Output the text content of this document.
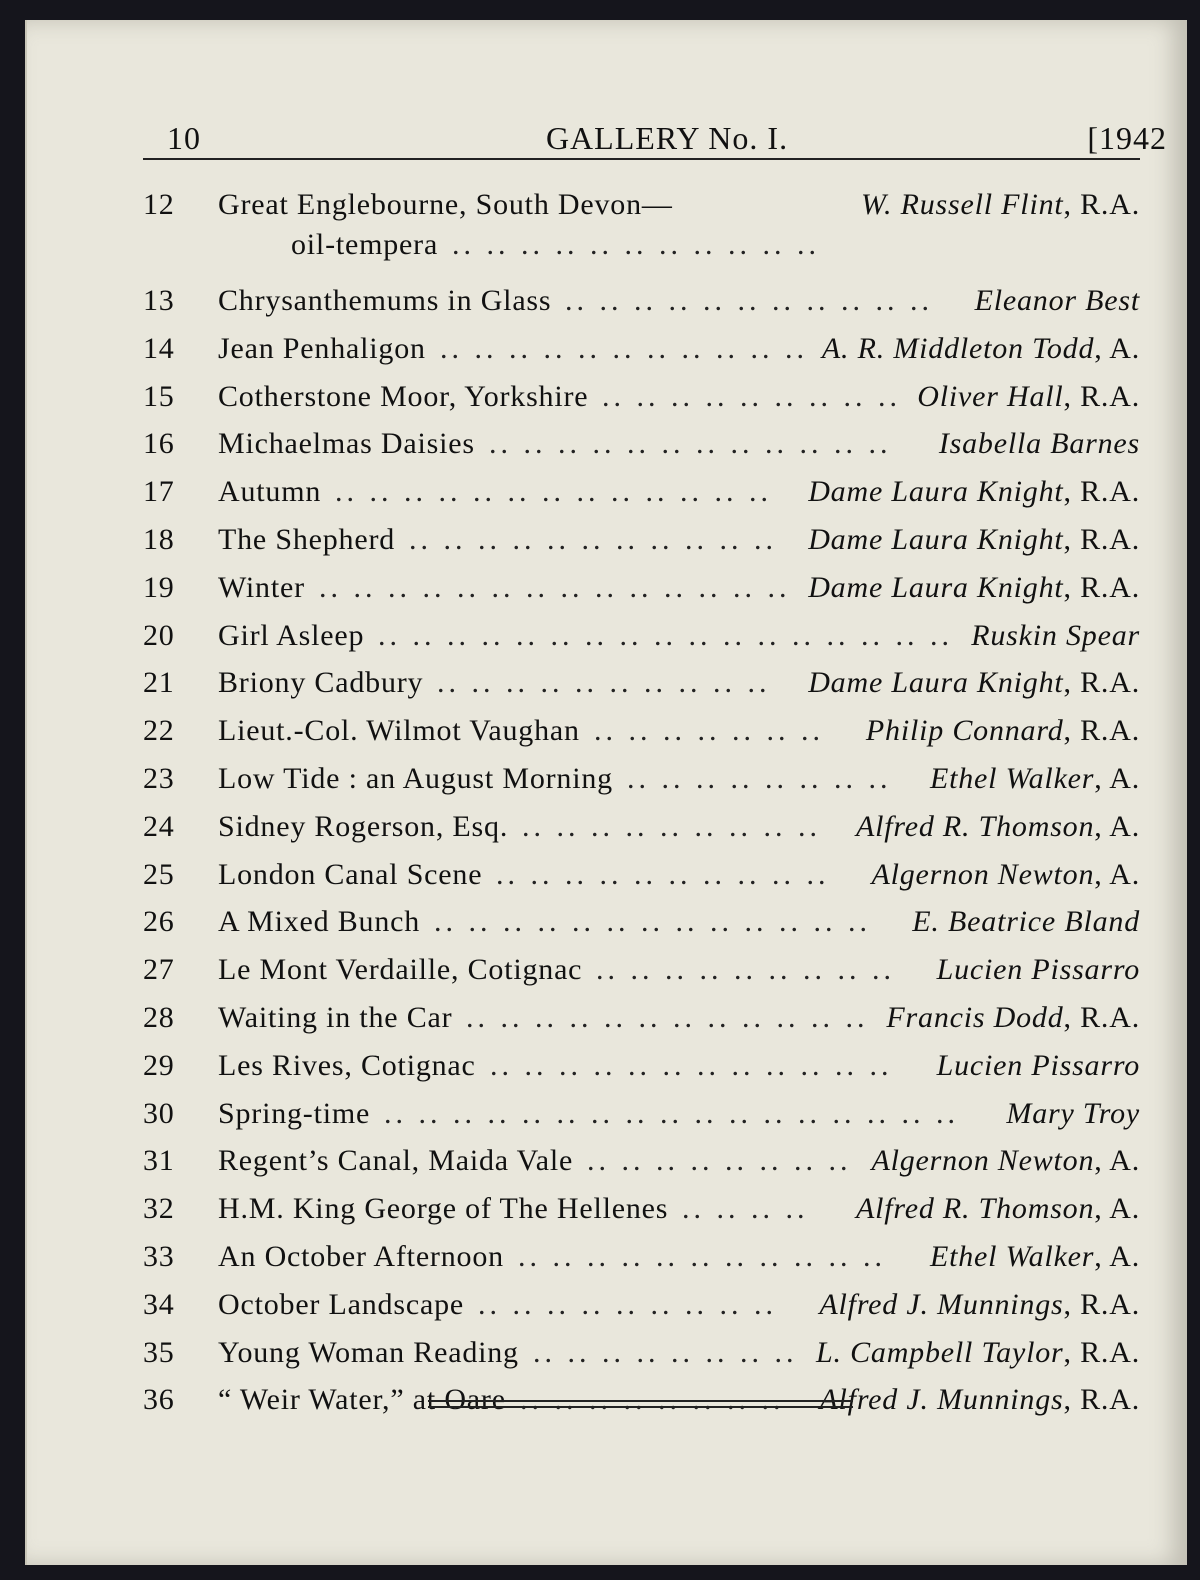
10	GALLERY No. I.	[1942
12	Great Englebourne, South Devon—
oil-tempera .. .. .. .. .. .. .. .. .. .. ..
W. Russell Flint, R.A.
13	Chrysanthemums in Glass .. .. .. .. .. .. .. .. .. .. .. Eleanor Best
14	Jean Penhaligon .. .. .. .. .. .. .. .. .. .. .. A. R. Middleton Todd, A.
15	Cotherstone Moor, Yorkshire .. .. .. .. .. .. .. .. .. Oliver Hall, R.A.
16	Michaelmas Daisies .. .. .. .. .. .. .. .. .. .. .. .. Isabella Barnes
17	Autumn .. .. .. .. .. .. .. .. .. .. .. .. .. Dame Laura Knight, R.A.
18	The Shepherd .. .. .. .. .. .. .. .. .. .. .. Dame Laura Knight, R.A.
19	Winter .. .. .. .. .. .. .. .. .. .. .. .. .. .. Dame Laura Knight, R.A.
20	Girl Asleep .. .. .. .. .. .. .. .. .. .. .. .. .. .. .. .. .. Ruskin Spear
21	Briony Cadbury .. .. .. .. .. .. .. .. .. .. Dame Laura Knight, R.A.
22	Lieut.-Col. Wilmot Vaughan .. .. .. .. .. .. .. Philip Connard, R.A.
23	Low Tide : an August Morning .. .. .. .. .. .. .. .. Ethel Walker, A.
24	Sidney Rogerson, Esq. .. .. .. .. .. .. .. .. .. Alfred R. Thomson, A.
25	London Canal Scene .. .. .. .. .. .. .. .. .. .. Algernon Newton, A.
26	A Mixed Bunch .. .. .. .. .. .. .. .. .. .. .. .. .. E. Beatrice Bland
27	Le Mont Verdaille, Cotignac .. .. .. .. .. .. .. .. .. Lucien Pissarro
28	Waiting in the Car .. .. .. .. .. .. .. .. .. .. .. .. Francis Dodd, R.A.
29	Les Rives, Cotignac .. .. .. .. .. .. .. .. .. .. .. .. Lucien Pissarro
30	Spring-time .. .. .. .. .. .. .. .. .. .. .. .. .. .. .. .. .. Mary Troy
31	Regent’s Canal, Maida Vale .. .. .. .. .. .. .. .. Algernon Newton, A.
32	H.M. King George of The Hellenes .. .. .. .. Alfred R. Thomson, A.
33	An October Afternoon .. .. .. .. .. .. .. .. .. .. .. Ethel Walker, A.
34	October Landscape .. .. .. .. .. .. .. .. .. Alfred J. Munnings, R.A.
35	Young Woman Reading .. .. .. .. .. .. .. .. L. Campbell Taylor, R.A.
36	“ Weir Water,” at Oare .. .. .. .. .. .. .. .. Alfred J. Munnings, R.A.
